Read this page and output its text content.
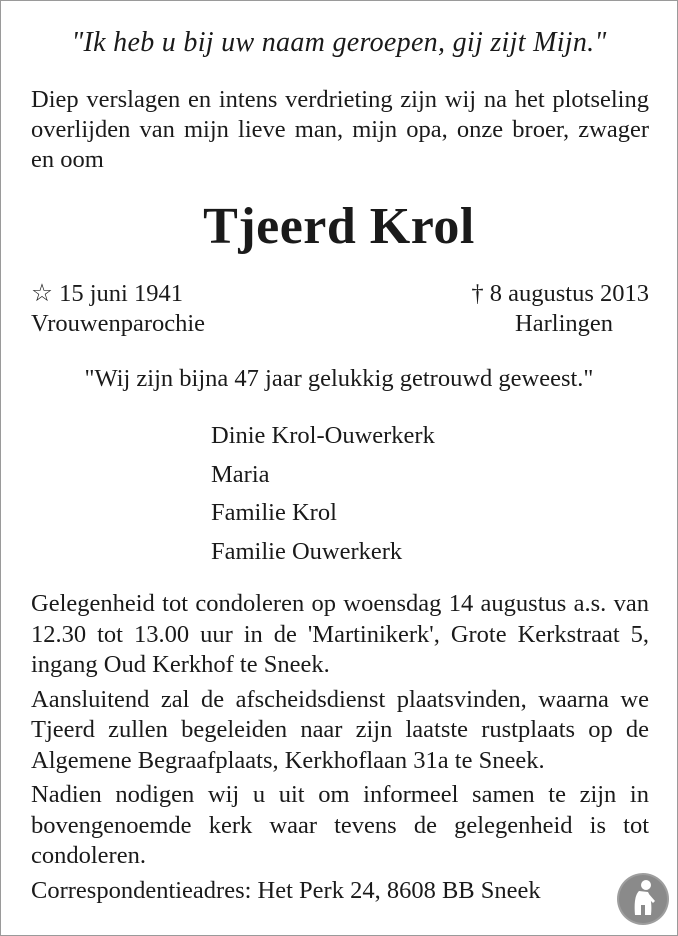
"Ik heb u bij uw naam geroepen, gij zijt Mijn."
Diep verslagen en intens verdrieting zijn wij na het plotseling overlijden van mijn lieve man, mijn opa, onze broer, zwager en oom
Tjeerd Krol
☆ 15 juni 1941
Vrouwenparochie
† 8 augustus 2013
Harlingen
"Wij zijn bijna 47 jaar gelukkig getrouwd geweest."
Dinie Krol-Ouwerkerk
Maria
Familie Krol
Familie Ouwerkerk

Gelegenheid tot condoleren op woensdag 14 augustus a.s. van 12.30 tot 13.00 uur in de 'Martinikerk', Grote Kerkstraat 5, ingang Oud Kerkhof te Sneek.

Aansluitend zal de afscheidsdienst plaatsvinden, waarna we Tjeerd zullen begeleiden naar zijn laatste rustplaats op de Algemene Begraafplaats, Kerkhoflaan 31a te Sneek.

Nadien nodigen wij u uit om informeel samen te zijn in bovengenoemde kerk waar tevens de gelegenheid is tot condoleren.

Correspondentieadres: Het Perk 24, 8608 BB Sneek
